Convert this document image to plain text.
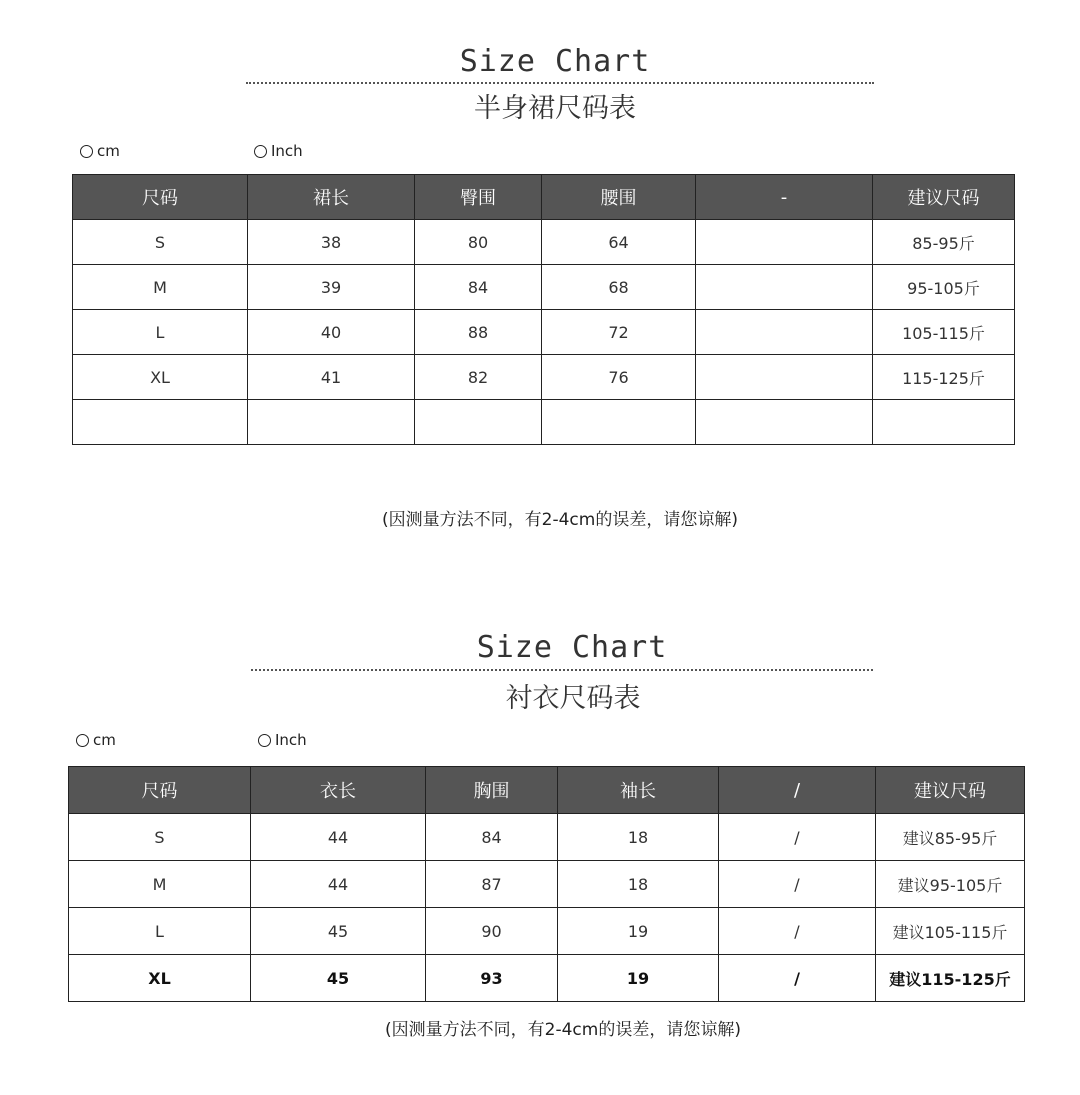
Size Chart
半身裙尺码表
cm	Inch
尺码	裙长	臀围	腰围	-	建议尺码
S	38	80	64		85-95斤
M	39	84	68		95-105斤
L	40	88	72		105-115斤
XL	41	82	76		115-125斤

(因测量方法不同，有2-4cm的误差，请您谅解)
Size Chart
衬衣尺码表
cm	Inch
尺码	衣长	胸围	袖长	/	建议尺码
S	44	84	18	/	建议85-95斤
M	44	87	18	/	建议95-105斤
L	45	90	19	/	建议105-115斤
XL	45	93	19	/	建议115-125斤
(因测量方法不同，有2-4cm的误差，请您谅解)
